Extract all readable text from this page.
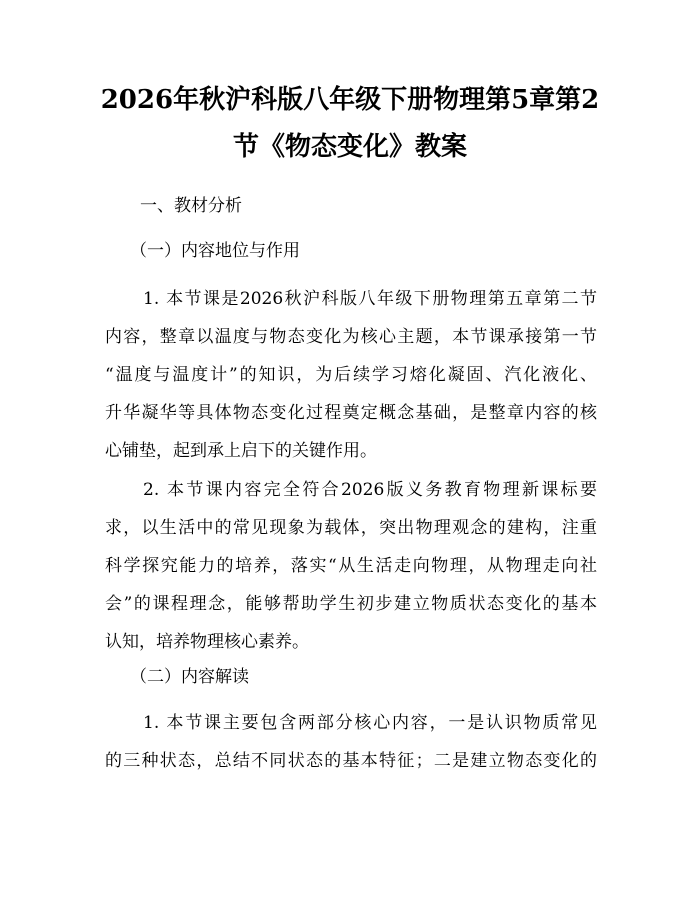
2026年秋沪科版八年级下册物理第5章第2
节《物态变化》教案
一、教材分析
（一）内容地位与作用
1. 本节课是2026秋沪科版八年级下册物理第五章第二节
内容，整章以温度与物态变化为核心主题，本节课承接第一节
“温度与温度计”的知识，为后续学习熔化凝固、汽化液化、
升华凝华等具体物态变化过程奠定概念基础，是整章内容的核
心铺垫，起到承上启下的关键作用。
2. 本节课内容完全符合2026版义务教育物理新课标要
求，以生活中的常见现象为载体，突出物理观念的建构，注重
科学探究能力的培养，落实“从生活走向物理，从物理走向社
会”的课程理念，能够帮助学生初步建立物质状态变化的基本
认知，培养物理核心素养。
（二）内容解读
1. 本节课主要包含两部分核心内容，一是认识物质常见
的三种状态，总结不同状态的基本特征；二是建立物态变化的
